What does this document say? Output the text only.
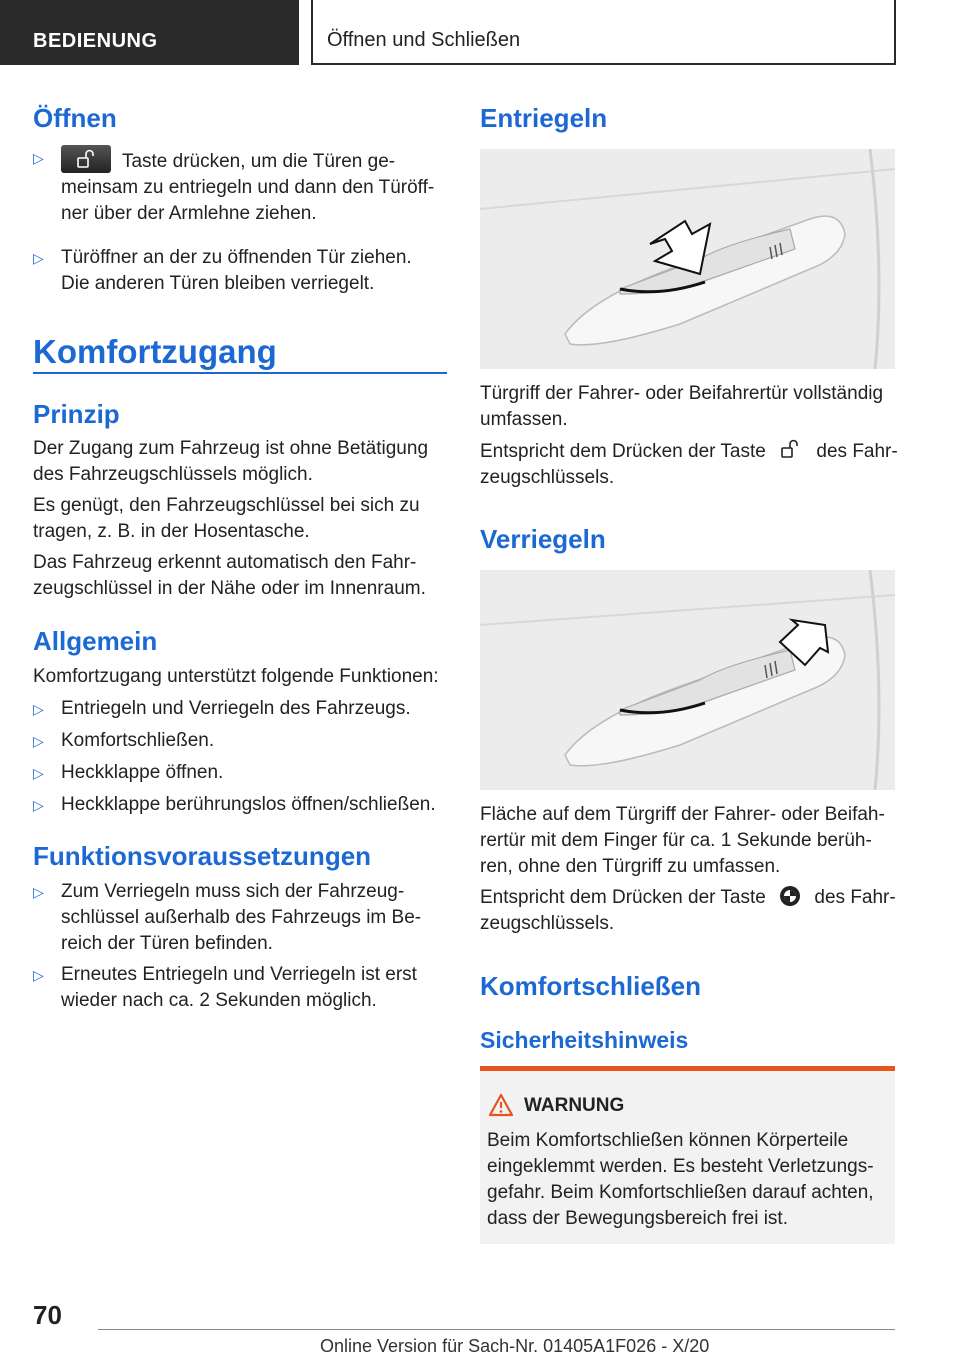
BEDIENUNG	Öffnen und Schließen
Öffnen
▷	Taste drücken, um die Türen ge-
meinsam zu entriegeln und dann den Türöff-
ner über der Armlehne ziehen.
▷ Türöffner an der zu öffnenden Tür ziehen.
Die anderen Türen bleiben verriegelt.
Komfortzugang
Prinzip
Der Zugang zum Fahrzeug ist ohne Betätigung
des Fahrzeugschlüssels möglich.
Es genügt, den Fahrzeugschlüssel bei sich zu
tragen, z. B. in der Hosentasche.
Das Fahrzeug erkennt automatisch den Fahr-
zeugschlüssel in der Nähe oder im Innenraum.
Allgemein
Komfortzugang unterstützt folgende Funktionen:
▷ Entriegeln und Verriegeln des Fahrzeugs.
▷ Komfortschließen.
▷ Heckklappe öffnen.
▷ Heckklappe berührungslos öffnen/schließen.
Funktionsvoraussetzungen
▷ Zum Verriegeln muss sich der Fahrzeug-
schlüssel außerhalb des Fahrzeugs im Be-
reich der Türen befinden.
▷ Erneutes Entriegeln und Verriegeln ist erst
wieder nach ca. 2 Sekunden möglich.
Entriegeln
Türgriff der Fahrer- oder Beifahrertür vollständig
umfassen.
Entspricht dem Drücken der Taste	des Fahr-
zeugschlüssels.
Verriegeln
Fläche auf dem Türgriff der Fahrer- oder Beifah-
rertür mit dem Finger für ca. 1 Sekunde berüh-
ren, ohne den Türgriff zu umfassen.
Entspricht dem Drücken der Taste	des Fahr-
zeugschlüssels.
Komfortschließen
Sicherheitshinweis
WARNUNG
Beim Komfortschließen können Körperteile
eingeklemmt werden. Es besteht Verletzungs-
gefahr. Beim Komfortschließen darauf achten,
dass der Bewegungsbereich frei ist.
70
Online Version für Sach-Nr. 01405A1F026 - X/20
